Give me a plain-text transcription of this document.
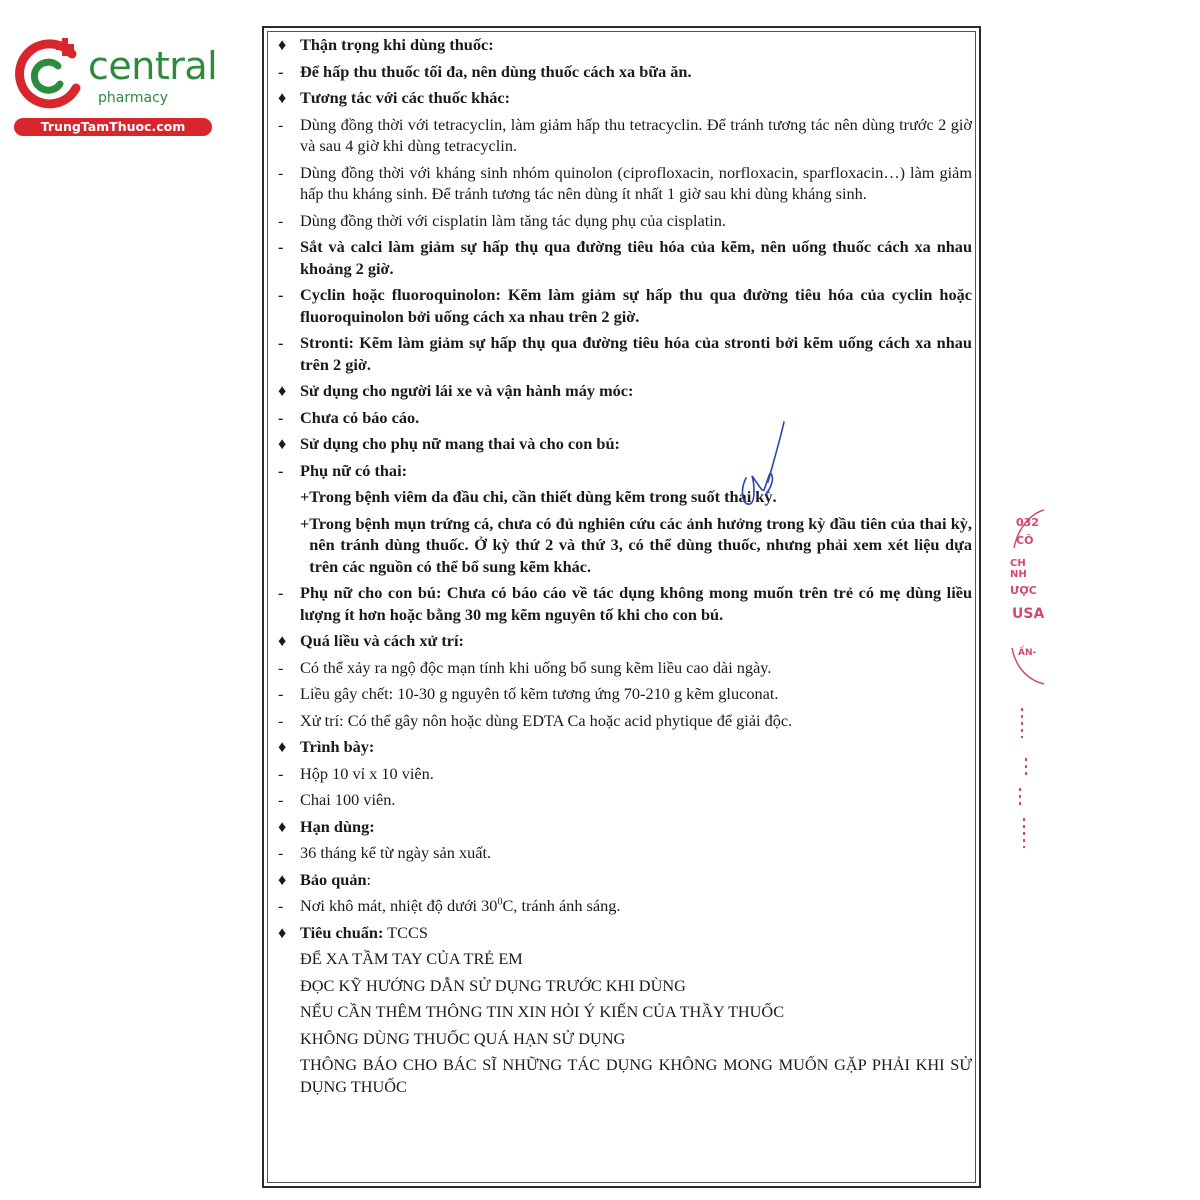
central
pharmacy
TrungTamThuoc.com
♦ Thận trọng khi dùng thuốc:
-	Để hấp thu thuốc tối đa, nên dùng thuốc cách xa bữa ăn.
♦ Tương tác với các thuốc khác:
-	Dùng đồng thời với tetracyclin, làm giảm hấp thu tetracyclin. Để tránh tương tác nên dùng trước 2 giờ và sau 4 giờ khi dùng tetracyclin.
-	Dùng đồng thời với kháng sinh nhóm quinolon (ciprofloxacin, norfloxacin, sparfloxacin…) làm giảm hấp thu kháng sinh. Để tránh tương tác nên dùng ít nhất 1 giờ sau khi dùng kháng sinh.
-	Dùng đồng thời với cisplatin làm tăng tác dụng phụ của cisplatin.
-	Sắt và calci làm giảm sự hấp thụ qua đường tiêu hóa của kẽm, nên uống thuốc cách xa nhau khoảng 2 giờ.
-	Cyclin hoặc fluoroquinolon: Kẽm làm giảm sự hấp thu qua đường tiêu hóa của cyclin hoặc fluoroquinolon bởi uống cách xa nhau trên 2 giờ.
-	Stronti: Kẽm làm giảm sự hấp thụ qua đường tiêu hóa của stronti bởi kẽm uống cách xa nhau trên 2 giờ.
♦ Sử dụng cho người lái xe và vận hành máy móc:
-	Chưa có báo cáo.
♦ Sử dụng cho phụ nữ mang thai và cho con bú:
-	Phụ nữ có thai:
+ Trong bệnh viêm da đầu chi, cần thiết dùng kẽm trong suốt thai kỳ.
+ Trong bệnh mụn trứng cá, chưa có đủ nghiên cứu các ảnh hưởng trong kỳ đầu tiên của thai kỳ, nên tránh dùng thuốc. Ở kỳ thứ 2 và thứ 3, có thể dùng thuốc, nhưng phải xem xét liệu dựa trên các nguồn có thể bổ sung kẽm khác.
-	Phụ nữ cho con bú: Chưa có báo cáo về tác dụng không mong muốn trên trẻ có mẹ dùng liều lượng ít hơn hoặc bằng 30 mg kẽm nguyên tố khi cho con bú.
♦ Quá liều và cách xử trí:
-	Có thể xảy ra ngộ độc mạn tính khi uống bổ sung kẽm liều cao dài ngày.
-	Liều gây chết: 10-30 g nguyên tố kẽm tương ứng 70-210 g kẽm gluconat.
-	Xử trí: Có thể gây nôn hoặc dùng EDTA Ca hoặc acid phytique để giải độc.
♦ Trình bày:
-	Hộp 10 vỉ x 10 viên.
-	Chai 100 viên.
♦ Hạn dùng:
-	36 tháng kể từ ngày sản xuất.
♦ Bảo quản:
-	Nơi khô mát, nhiệt độ dưới $30^0C$, tránh ánh sáng.
♦ Tiêu chuẩn: TCCS
ĐỂ XA TẦM TAY CỦA TRẺ EM
ĐỌC KỸ HƯỚNG DẪN SỬ DỤNG TRƯỚC KHI DÙNG
NẾU CẦN THÊM THÔNG TIN XIN HỎI Ý KIẾN CỦA THẦY THUỐC
KHÔNG DÙNG THUỐC QUÁ HẠN SỬ DỤNG
THÔNG BÁO CHO BÁC SĨ NHỮNG TÁC DỤNG KHÔNG MONG MUỐN GẶP PHẢI KHI SỬ DỤNG THUỐC
032
CÔ
CH NH
ƯỢC
USA
ẤN-
